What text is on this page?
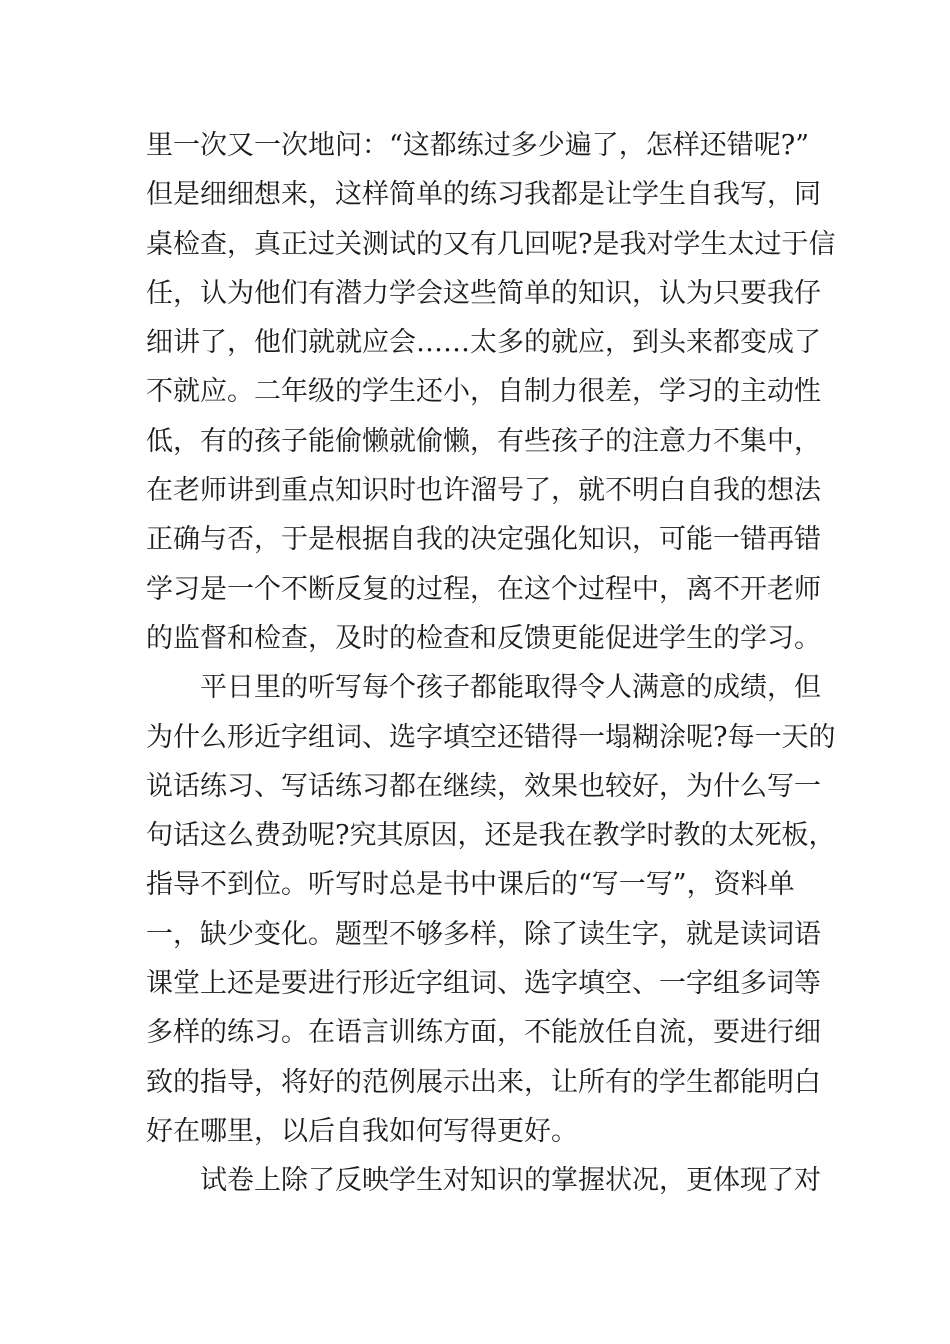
里一次又一次地问：“这都练过多少遍了，怎样还错呢?”
但是细细想来，这样简单的练习我都是让学生自我写，同
桌检查，真正过关测试的又有几回呢?是我对学生太过于信
任，认为他们有潜力学会这些简单的知识，认为只要我仔
细讲了，他们就就应会……太多的就应，到头来都变成了
不就应。二年级的学生还小，自制力很差，学习的主动性
低，有的孩子能偷懒就偷懒，有些孩子的注意力不集中，
在老师讲到重点知识时也许溜号了，就不明白自我的想法
正确与否，于是根据自我的决定强化知识，可能一错再错
学习是一个不断反复的过程，在这个过程中，离不开老师
的监督和检查，及时的检查和反馈更能促进学生的学习。
平日里的听写每个孩子都能取得令人满意的成绩，但
为什么形近字组词、选字填空还错得一塌糊涂呢?每一天的
说话练习、写话练习都在继续，效果也较好，为什么写一
句话这么费劲呢?究其原因，还是我在教学时教的太死板，
指导不到位。听写时总是书中课后的“写一写”，资料单
一，缺少变化。题型不够多样，除了读生字，就是读词语
课堂上还是要进行形近字组词、选字填空、一字组多词等
多样的练习。在语言训练方面，不能放任自流，要进行细
致的指导，将好的范例展示出来，让所有的学生都能明白
好在哪里，以后自我如何写得更好。
试卷上除了反映学生对知识的掌握状况，更体现了对
